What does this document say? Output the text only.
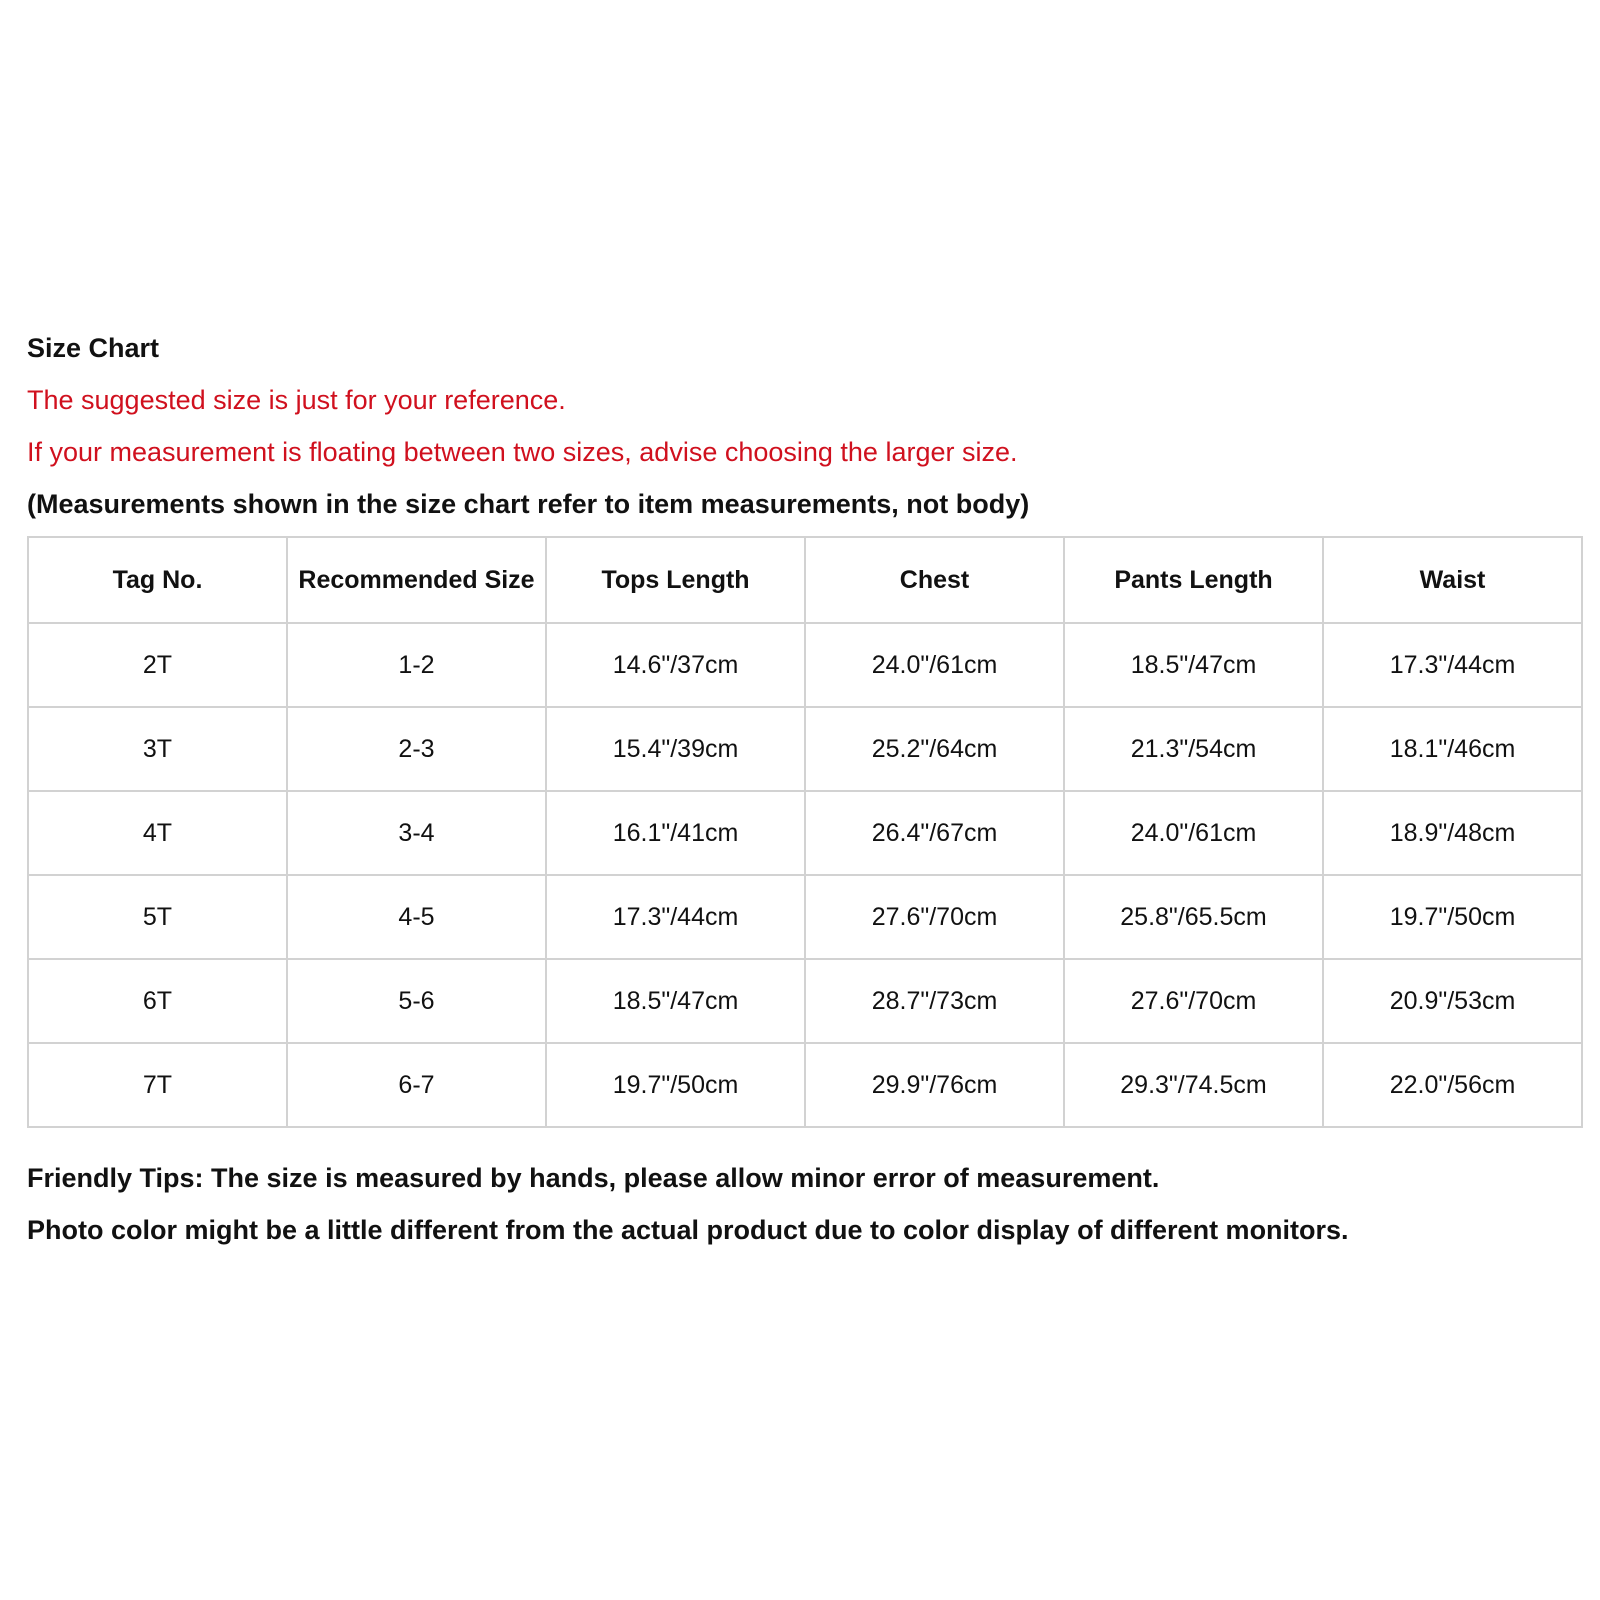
Size Chart
The suggested size is just for your reference.
If your measurement is floating between two sizes, advise choosing the larger size.
(Measurements shown in the size chart refer to item measurements, not body)
Tag No.	Recommended Size	Tops Length	Chest	Pants Length	Waist
2T	1-2	14.6"/37cm	24.0"/61cm	18.5"/47cm	17.3"/44cm
3T	2-3	15.4"/39cm	25.2"/64cm	21.3"/54cm	18.1"/46cm
4T	3-4	16.1"/41cm	26.4"/67cm	24.0"/61cm	18.9"/48cm
5T	4-5	17.3"/44cm	27.6"/70cm	25.8"/65.5cm	19.7"/50cm
6T	5-6	18.5"/47cm	28.7"/73cm	27.6"/70cm	20.9"/53cm
7T	6-7	19.7"/50cm	29.9"/76cm	29.3"/74.5cm	22.0"/56cm
Friendly Tips: The size is measured by hands, please allow minor error of measurement.
Photo color might be a little different from the actual product due to color display of different monitors.
